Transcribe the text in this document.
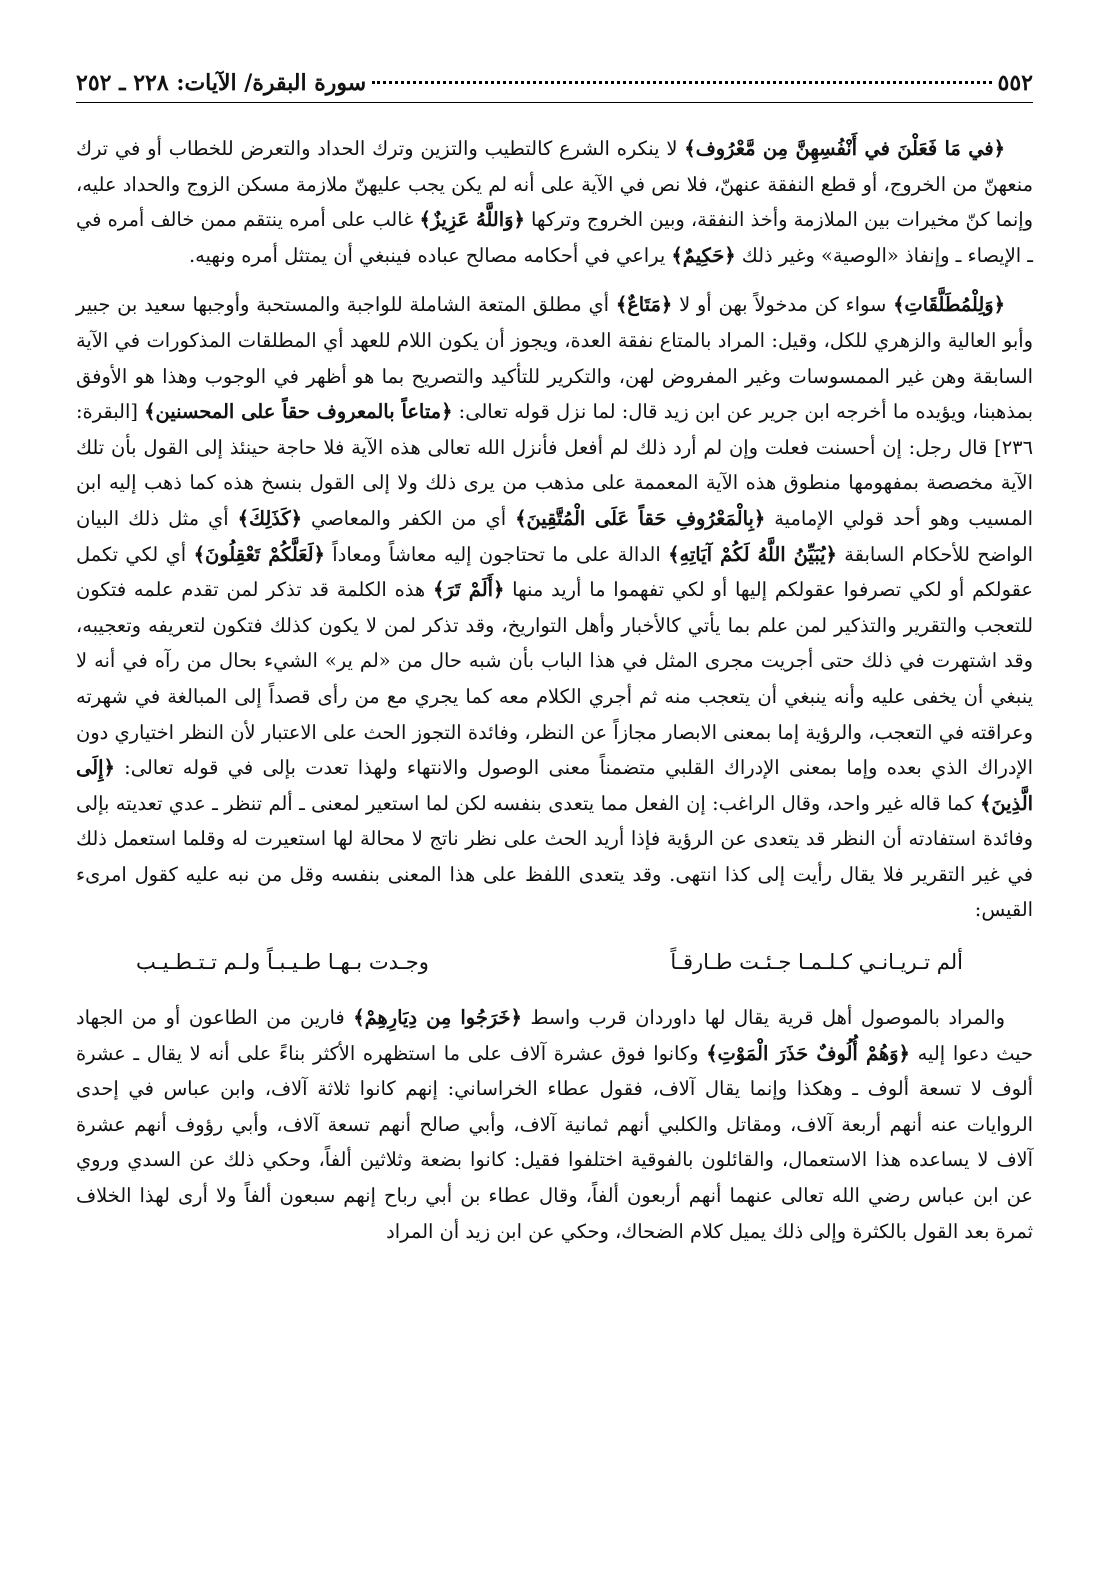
٥٥٢
سورة البقرة/ الآيات: ٢٢٨ ـ ٢٥٢

﴿في مَا فَعَلْنَ في أَنْفُسِهِنَّ مِن مَّعْرُوف﴾ لا ينكره الشرع كالتطيب والتزين وترك الحداد والتعرض للخطاب أو في ترك منعهنّ من الخروج، أو قطع النفقة عنهنّ، فلا نص في الآية على أنه لم يكن يجب عليهنّ ملازمة مسكن الزوج والحداد عليه، وإنما كنّ مخيرات بين الملازمة وأخذ النفقة، وبين الخروج وتركها ﴿وَاللَّهُ عَزِيزٌ﴾ غالب على أمره ينتقم ممن خالف أمره في ـ الإيصاء ـ وإنفاذ «الوصية» وغير ذلك ﴿حَكِيمٌ﴾ يراعي في أحكامه مصالح عباده فينبغي أن يمتثل أمره ونهيه.

﴿وَلِلْمُطَلَّقَاتِ﴾ سواء كن مدخولاً بهن أو لا ﴿مَتَاعٌ﴾ أي مطلق المتعة الشاملة للواجبة والمستحبة وأوجبها سعيد بن جبير وأبو العالية والزهري للكل، وقيل: المراد بالمتاع نفقة العدة، ويجوز أن يكون اللام للعهد أي المطلقات المذكورات في الآية السابقة وهن غير الممسوسات وغير المفروض لهن، والتكرير للتأكيد والتصريح بما هو أظهر في الوجوب وهذا هو الأوفق بمذهبنا، ويؤيده ما أخرجه ابن جرير عن ابن زيد قال: لما نزل قوله تعالى: ﴿متاعاً بالمعروف حقاً على المحسنين﴾ [البقرة: ٢٣٦] قال رجل: إن أحسنت فعلت وإن لم أرد ذلك لم أفعل فأنزل الله تعالى هذه الآية فلا حاجة حينئذ إلى القول بأن تلك الآية مخصصة بمفهومها منطوق هذه الآية المعممة على مذهب من يرى ذلك ولا إلى القول بنسخ هذه كما ذهب إليه ابن المسيب وهو أحد قولي الإمامية ﴿بِالْمَعْرُوفِ حَقاً عَلَى الْمُتَّقِينَ﴾ أي من الكفر والمعاصي ﴿كَذَلِكَ﴾ أي مثل ذلك البيان الواضح للأحكام السابقة ﴿يُبَيِّنُ اللَّهُ لَكُمْ آيَاتِهِ﴾ الدالة على ما تحتاجون إليه معاشاً ومعاداً ﴿لَعَلَّكُمْ تَعْقِلُونَ﴾ أي لكي تكمل عقولكم أو لكي تصرفوا عقولكم إليها أو لكي تفهموا ما أريد منها ﴿أَلَمْ تَرَ﴾ هذه الكلمة قد تذكر لمن تقدم علمه فتكون للتعجب والتقرير والتذكير لمن علم بما يأتي كالأخبار وأهل التواريخ، وقد تذكر لمن لا يكون كذلك فتكون لتعريفه وتعجيبه، وقد اشتهرت في ذلك حتى أجريت مجرى المثل في هذا الباب بأن شبه حال من «لم ير» الشيء بحال من رآه في أنه لا ينبغي أن يخفى عليه وأنه ينبغي أن يتعجب منه ثم أجري الكلام معه كما يجري مع من رأى قصداً إلى المبالغة في شهرته وعراقته في التعجب، والرؤية إما بمعنى الابصار مجازاً عن النظر، وفائدة التجوز الحث على الاعتبار لأن النظر اختياري دون الإدراك الذي بعده وإما بمعنى الإدراك القلبي متضمناً معنى الوصول والانتهاء ولهذا تعدت بإلى في قوله تعالى: ﴿إِلَى الَّذِينَ﴾ كما قاله غير واحد، وقال الراغب: إن الفعل مما يتعدى بنفسه لكن لما استعير لمعنى ـ ألم تنظر ـ عدي تعديته بإلى وفائدة استفادته أن النظر قد يتعدى عن الرؤية فإذا أريد الحث على نظر ناتج لا محالة لها استعيرت له وقلما استعمل ذلك في غير التقرير فلا يقال رأيت إلى كذا انتهى. وقد يتعدى اللفظ على هذا المعنى بنفسه وقل من نبه عليه كقول امرىء القيس:

ألم تـريـانـي كـلـمـا جـئـت طـارقـاً
وجـدت بـهـا طـيـبـاً ولـم تـتـطـيـب

والمراد بالموصول أهل قرية يقال لها داوردان قرب واسط ﴿خَرَجُوا مِن دِيَارِهِمْ﴾ فارين من الطاعون أو من الجهاد حيث دعوا إليه ﴿وَهُمْ أُلُوفٌ حَذَرَ الْمَوْتِ﴾ وكانوا فوق عشرة آلاف على ما استظهره الأكثر بناءً على أنه لا يقال ـ عشرة ألوف لا تسعة ألوف ـ وهكذا وإنما يقال آلاف، فقول عطاء الخراساني: إنهم كانوا ثلاثة آلاف، وابن عباس في إحدى الروايات عنه أنهم أربعة آلاف، ومقاتل والكلبي أنهم ثمانية آلاف، وأبي صالح أنهم تسعة آلاف، وأبي رؤوف أنهم عشرة آلاف لا يساعده هذا الاستعمال، والقائلون بالفوقية اختلفوا فقيل: كانوا بضعة وثلاثين ألفاً، وحكي ذلك عن السدي وروي عن ابن عباس رضي الله تعالى عنهما أنهم أربعون ألفاً، وقال عطاء بن أبي رباح إنهم سبعون ألفاً ولا أرى لهذا الخلاف ثمرة بعد القول بالكثرة وإلى ذلك يميل كلام الضحاك، وحكي عن ابن زيد أن المراد
